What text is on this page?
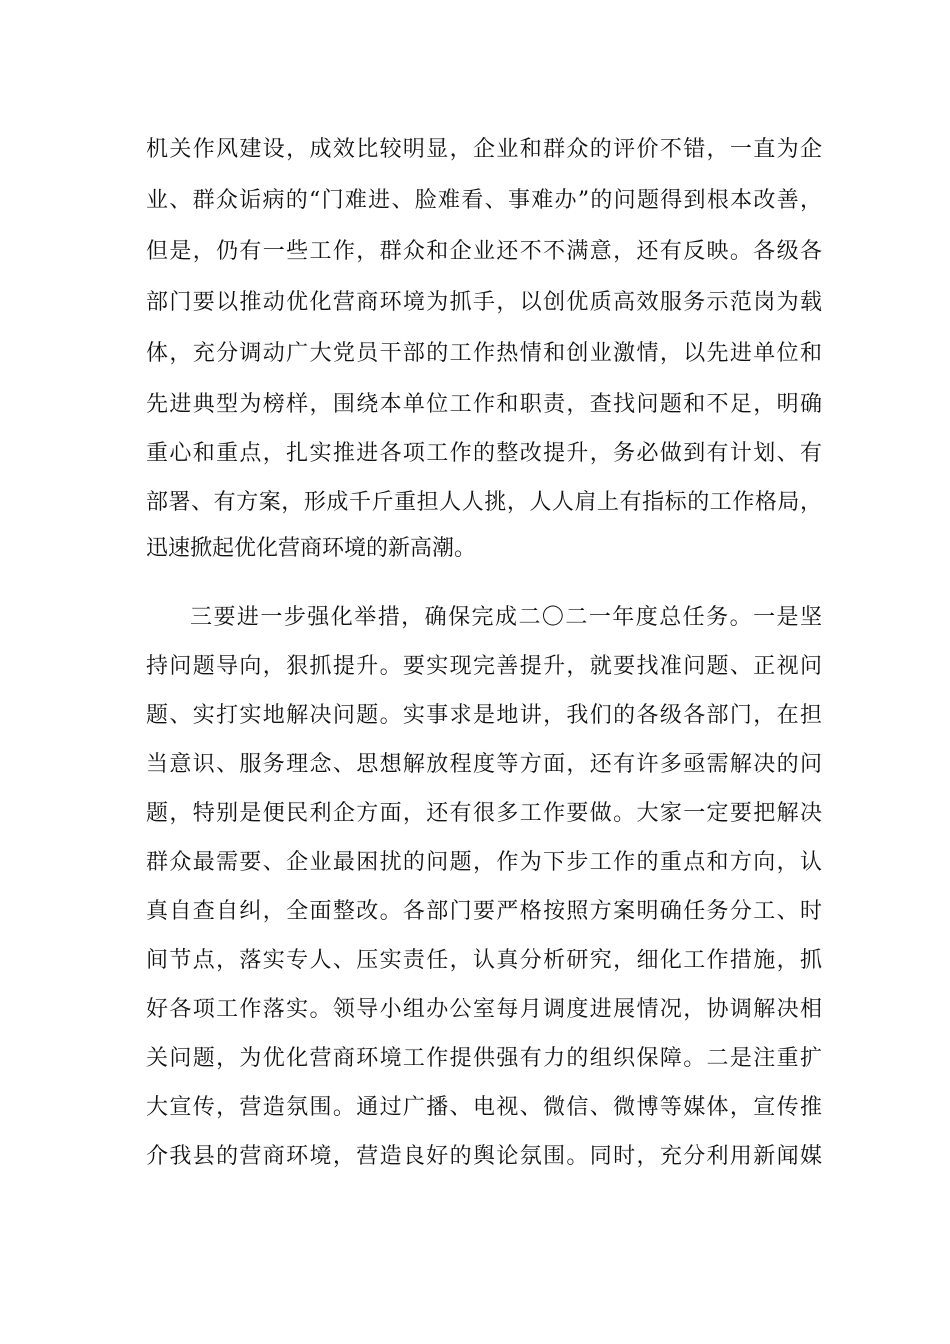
机关作风建设，成效比较明显，企业和群众的评价不错，一直为企
业、群众诟病的“门难进、脸难看、事难办”的问题得到根本改善，
但是，仍有一些工作，群众和企业还不不满意，还有反映。各级各
部门要以推动优化营商环境为抓手，以创优质高效服务示范岗为载
体，充分调动广大党员干部的工作热情和创业激情，以先进单位和
先进典型为榜样，围绕本单位工作和职责，查找问题和不足，明确
重心和重点，扎实推进各项工作的整改提升，务必做到有计划、有
部署、有方案，形成千斤重担人人挑，人人肩上有指标的工作格局，
迅速掀起优化营商环境的新高潮。
三要进一步强化举措，确保完成二〇二一年度总任务。一是坚
持问题导向，狠抓提升。要实现完善提升，就要找准问题、正视问
题、实打实地解决问题。实事求是地讲，我们的各级各部门，在担
当意识、服务理念、思想解放程度等方面，还有许多亟需解决的问
题，特别是便民利企方面，还有很多工作要做。大家一定要把解决
群众最需要、企业最困扰的问题，作为下步工作的重点和方向，认
真自查自纠，全面整改。各部门要严格按照方案明确任务分工、时
间节点，落实专人、压实责任，认真分析研究，细化工作措施，抓
好各项工作落实。领导小组办公室每月调度进展情况，协调解决相
关问题，为优化营商环境工作提供强有力的组织保障。二是注重扩
大宣传，营造氛围。通过广播、电视、微信、微博等媒体，宣传推
介我县的营商环境，营造良好的舆论氛围。同时，充分利用新闻媒
